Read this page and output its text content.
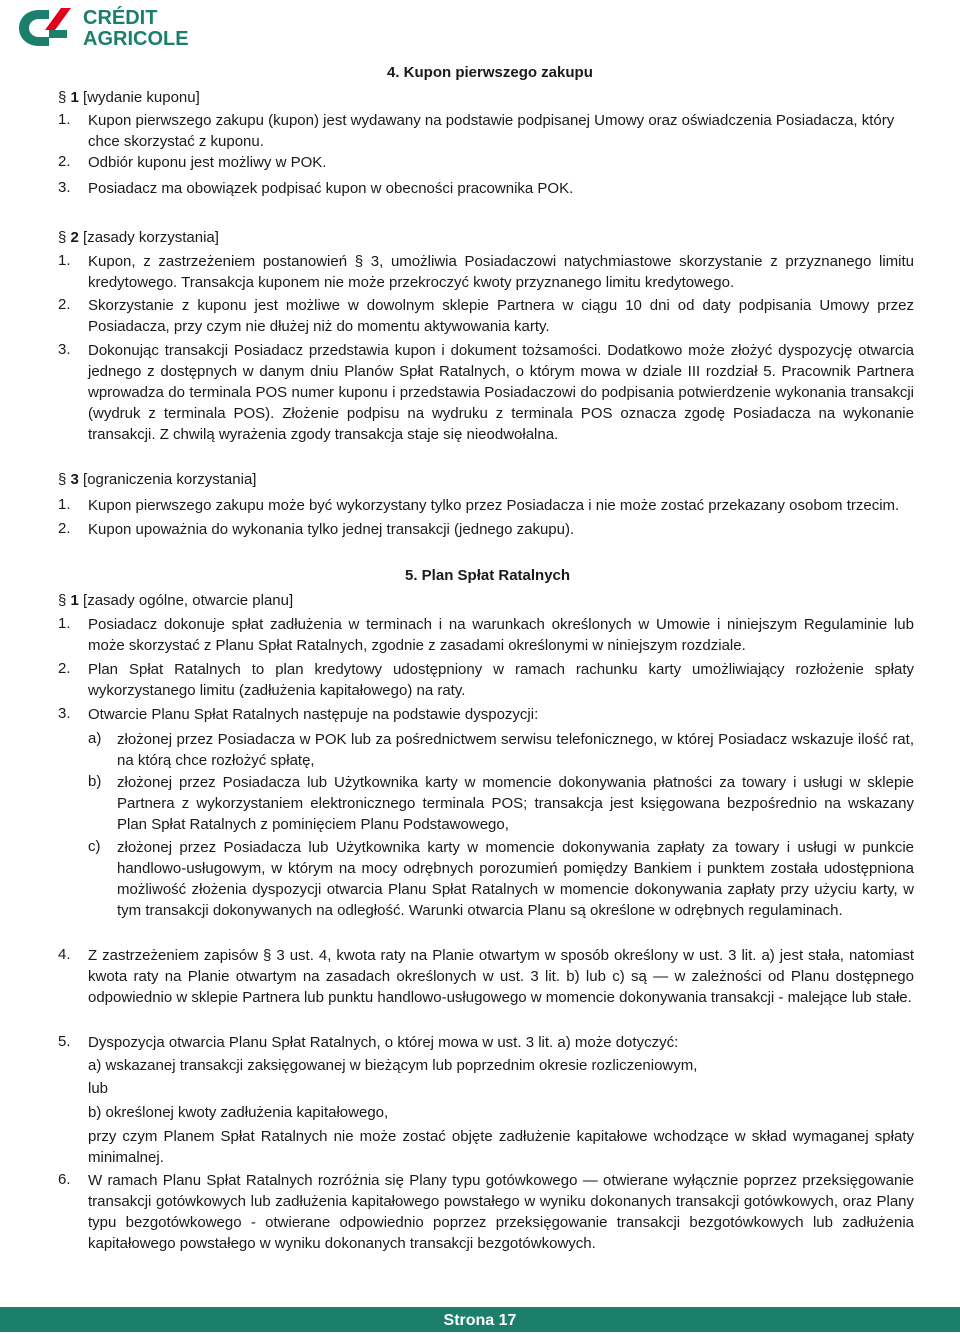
CRÉDIT
AGRICOLE
4. Kupon pierwszego zakupu
§ 1 [wydanie kuponu]
1. Kupon pierwszego zakupu (kupon) jest wydawany na podstawie podpisanej Umowy oraz oświadczenia Posiadacza, który chce skorzystać z kuponu.
2. Odbiór kuponu jest możliwy w POK.
3. Posiadacz ma obowiązek podpisać kupon w obecności pracownika POK.
§ 2 [zasady korzystania]
1. Kupon, z zastrzeżeniem postanowień § 3, umożliwia Posiadaczowi natychmiastowe skorzystanie z przyznanego limitu kredytowego. Transakcja kuponem nie może przekroczyć kwoty przyznanego limitu kredytowego.
2. Skorzystanie z kuponu jest możliwe w dowolnym sklepie Partnera w ciągu 10 dni od daty podpisania Umowy przez Posiadacza, przy czym nie dłużej niż do momentu aktywowania karty.
3. Dokonując transakcji Posiadacz przedstawia kupon i dokument tożsamości. Dodatkowo może złożyć dyspozycję otwarcia jednego z dostępnych w danym dniu Planów Spłat Ratalnych, o którym mowa w dziale III rozdział 5. Pracownik Partnera wprowadza do terminala POS numer kuponu i przedstawia Posiadaczowi do podpisania potwierdzenie wykonania transakcji (wydruk z terminala POS). Złożenie podpisu na wydruku z terminala POS oznacza zgodę Posiadacza na wykonanie transakcji. Z chwilą wyrażenia zgody transakcja staje się nieodwołalna.
§ 3 [ograniczenia korzystania]
1. Kupon pierwszego zakupu może być wykorzystany tylko przez Posiadacza i nie może zostać przekazany osobom trzecim.
2. Kupon upoważnia do wykonania tylko jednej transakcji (jednego zakupu).
5. Plan Spłat Ratalnych
§ 1 [zasady ogólne, otwarcie planu]
1. Posiadacz dokonuje spłat zadłużenia w terminach i na warunkach określonych w Umowie i niniejszym Regulaminie lub może skorzystać z Planu Spłat Ratalnych, zgodnie z zasadami określonymi w niniejszym rozdziale.
2. Plan Spłat Ratalnych to plan kredytowy udostępniony w ramach rachunku karty umożliwiający rozłożenie spłaty wykorzystanego limitu (zadłużenia kapitałowego) na raty.
3. Otwarcie Planu Spłat Ratalnych następuje na podstawie dyspozycji:
a) złożonej przez Posiadacza w POK lub za pośrednictwem serwisu telefonicznego, w której Posiadacz wskazuje ilość rat, na którą chce rozłożyć spłatę,
b) złożonej przez Posiadacza lub Użytkownika karty w momencie dokonywania płatności za towary i usługi w sklepie Partnera z wykorzystaniem elektronicznego terminala POS; transakcja jest księgowana bezpośrednio na wskazany Plan Spłat Ratalnych z pominięciem Planu Podstawowego,
c) złożonej przez Posiadacza lub Użytkownika karty w momencie dokonywania zapłaty za towary i usługi w punkcie handlowo-usługowym, w którym na mocy odrębnych porozumień pomiędzy Bankiem i punktem została udostępniona możliwość złożenia dyspozycji otwarcia Planu Spłat Ratalnych w momencie dokonywania zapłaty przy użyciu karty, w tym transakcji dokonywanych na odległość. Warunki otwarcia Planu są określone w odrębnych regulaminach.
4. Z zastrzeżeniem zapisów § 3 ust. 4, kwota raty na Planie otwartym w sposób określony w ust. 3 lit. a) jest stała, natomiast kwota raty na Planie otwartym na zasadach określonych w ust. 3 lit. b) lub c) są — w zależności od Planu dostępnego odpowiednio w sklepie Partnera lub punktu handlowo-usługowego w momencie dokonywania transakcji - malejące lub stałe.
5. Dyspozycja otwarcia Planu Spłat Ratalnych, o której mowa w ust. 3 lit. a) może dotyczyć:
a) wskazanej transakcji zaksięgowanej w bieżącym lub poprzednim okresie rozliczeniowym,
lub
b) określonej kwoty zadłużenia kapitałowego,
przy czym Planem Spłat Ratalnych nie może zostać objęte zadłużenie kapitałowe wchodzące w skład wymaganej spłaty minimalnej.
6. W ramach Planu Spłat Ratalnych rozróżnia się Plany typu gotówkowego — otwierane wyłącznie poprzez przeksięgowanie transakcji gotówkowych lub zadłużenia kapitałowego powstałego w wyniku dokonanych transakcji gotówkowych, oraz Plany typu bezgotówkowego - otwierane odpowiednio poprzez przeksięgowanie transakcji bezgotówkowych lub zadłużenia kapitałowego powstałego w wyniku dokonanych transakcji bezgotówkowych.
Strona 17
